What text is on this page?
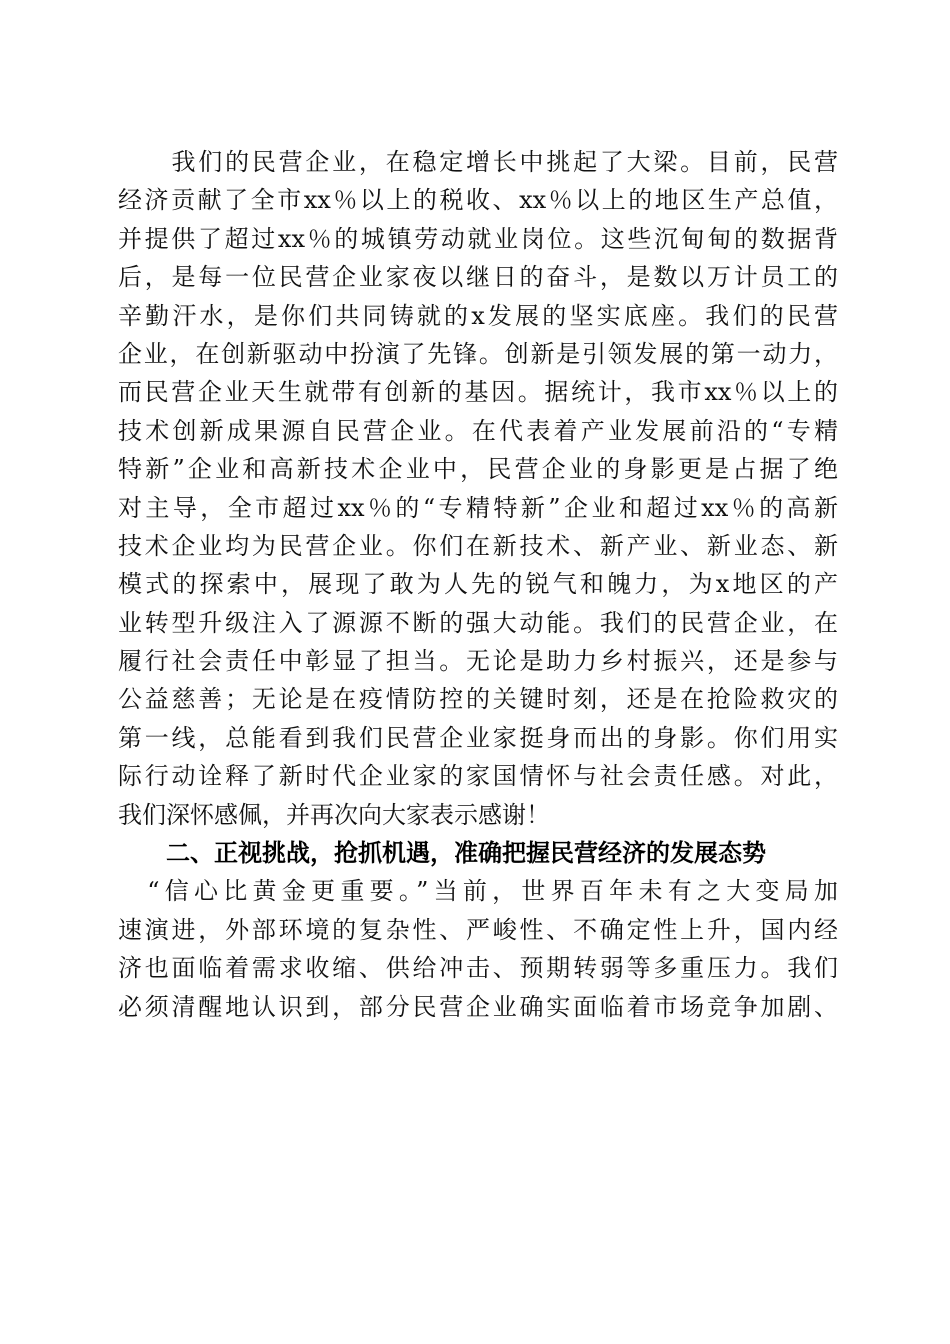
　　我们的民营企业，在稳定增长中挑起了大梁。目前，民营
经济贡献了全市xx％以上的税收、xx％以上的地区生产总值，
并提供了超过xx％的城镇劳动就业岗位。这些沉甸甸的数据背
后，是每一位民营企业家夜以继日的奋斗，是数以万计员工的
辛勤汗水，是你们共同铸就的x发展的坚实底座。我们的民营
企业，在创新驱动中扮演了先锋。创新是引领发展的第一动力，
而民营企业天生就带有创新的基因。据统计，我市xx％以上的
技术创新成果源自民营企业。在代表着产业发展前沿的“专精
特新”企业和高新技术企业中，民营企业的身影更是占据了绝
对主导，全市超过xx％的“专精特新”企业和超过xx％的高新
技术企业均为民营企业。你们在新技术、新产业、新业态、新
模式的探索中，展现了敢为人先的锐气和魄力，为x地区的产
业转型升级注入了源源不断的强大动能。我们的民营企业，在
履行社会责任中彰显了担当。无论是助力乡村振兴，还是参与
公益慈善；无论是在疫情防控的关键时刻，还是在抢险救灾的
第一线，总能看到我们民营企业家挺身而出的身影。你们用实
际行动诠释了新时代企业家的家国情怀与社会责任感。对此，
我们深怀感佩，并再次向大家表示感谢！
二、正视挑战，抢抓机遇，准确把握民营经济的发展态势
　“信心比黄金更重要。”当前，世界百年未有之大变局加
速演进，外部环境的复杂性、严峻性、不确定性上升，国内经
济也面临着需求收缩、供给冲击、预期转弱等多重压力。我们
必须清醒地认识到，部分民营企业确实面临着市场竞争加剧、
